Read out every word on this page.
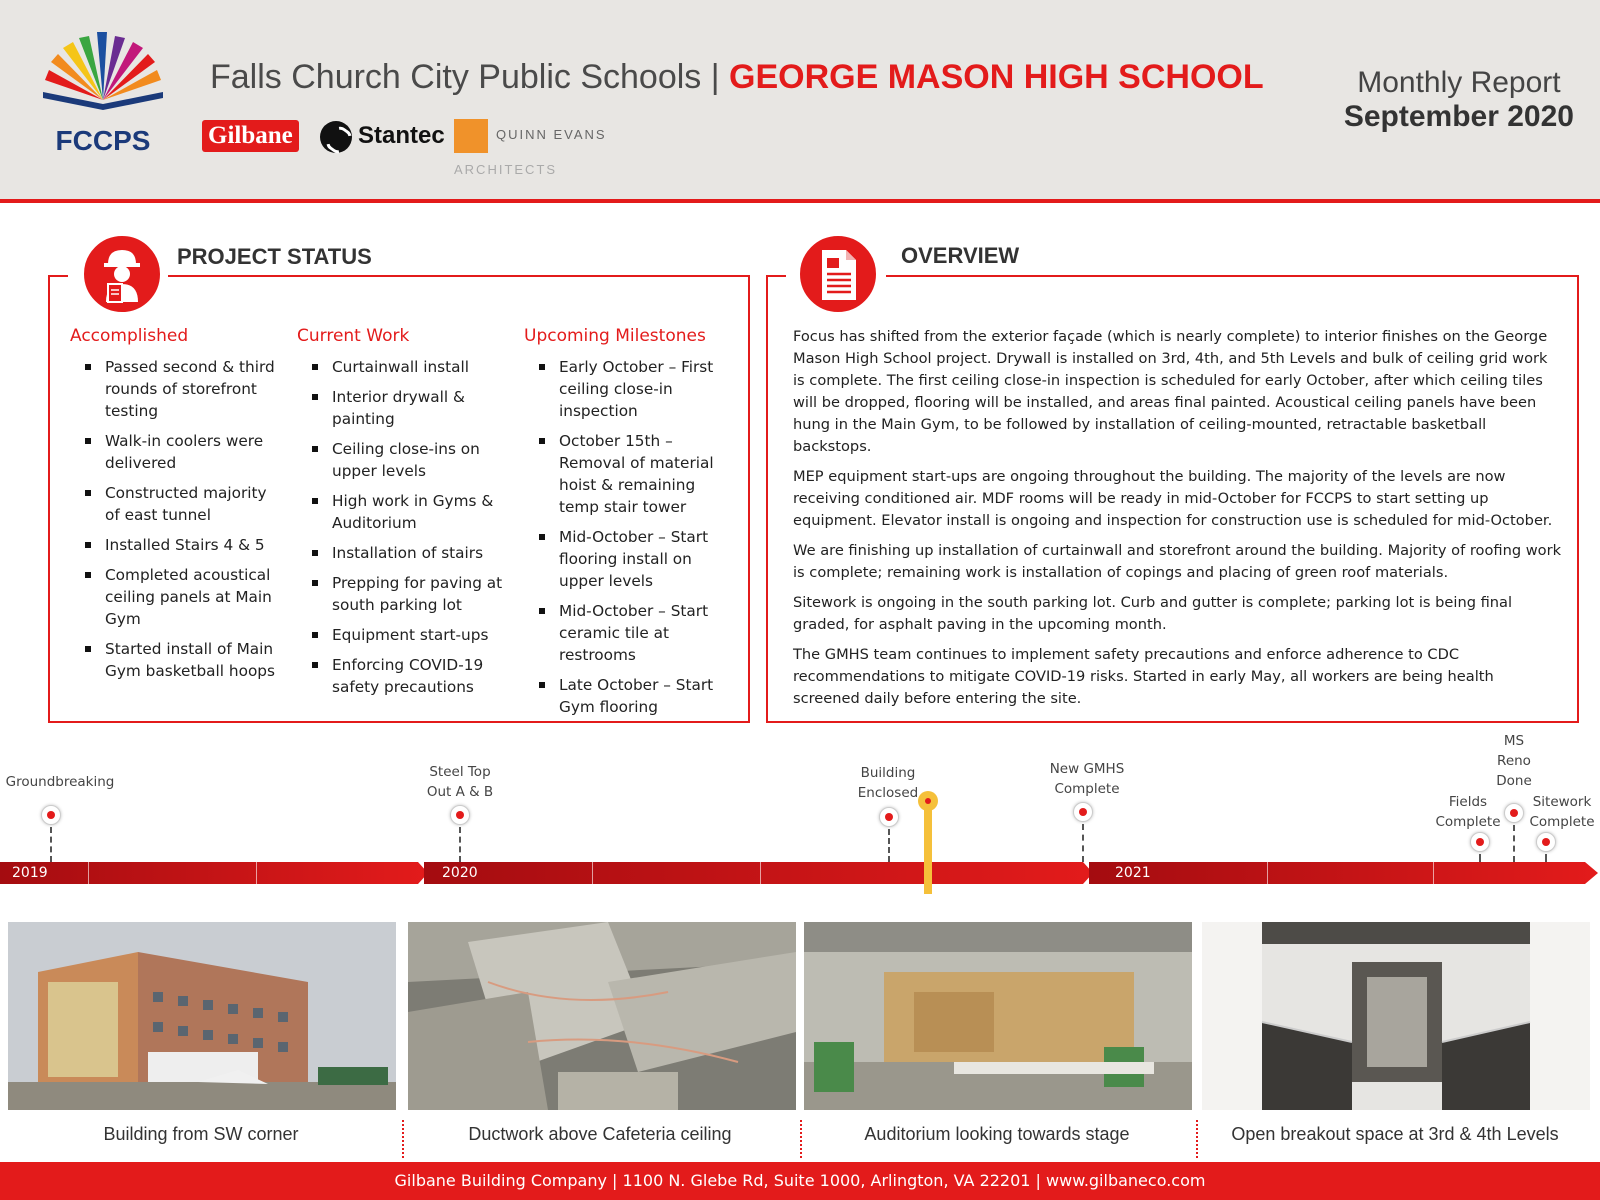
FCCPS
Falls Church City Public Schools | GEORGE MASON HIGH SCHOOL
Gilbane	Stantec	QUINN EVANS ARCHITECTS
Monthly Report
September 2020
PROJECT STATUS
Accomplished
Passed second & third rounds of storefront testing
Walk-in coolers were delivered
Constructed majority of east tunnel
Installed Stairs 4 & 5
Completed acoustical ceiling panels at Main Gym
Started install of Main Gym basketball hoops
Current Work
Curtainwall install
Interior drywall & painting
Ceiling close-ins on upper levels
High work in Gyms & Auditorium
Installation of stairs
Prepping for paving at south parking lot
Equipment start-ups
Enforcing COVID-19 safety precautions
Upcoming Milestones
Early October – First ceiling close-in inspection
October 15th – Removal of material hoist & remaining temp stair tower
Mid-October – Start flooring install on upper levels
Mid-October – Start ceramic tile at restrooms
Late October – Start Gym flooring
OVERVIEW

Focus has shifted from the exterior façade (which is nearly complete) to interior finishes on the George Mason High School project. Drywall is installed on 3rd, 4th, and 5th Levels and bulk of ceiling grid work is complete. The first ceiling close-in inspection is scheduled for early October, after which ceiling tiles will be dropped, flooring will be installed, and areas final painted. Acoustical ceiling panels have been hung in the Main Gym, to be followed by installation of ceiling-mounted, retractable basketball backstops.

MEP equipment start-ups are ongoing throughout the building. The majority of the levels are now receiving conditioned air. MDF rooms will be ready in mid-October for FCCPS to start setting up equipment. Elevator install is ongoing and inspection for construction use is scheduled for mid-October.

We are finishing up installation of curtainwall and storefront around the building. Majority of roofing work is complete; remaining work is installation of copings and placing of green roof materials.

Sitework is ongoing in the south parking lot. Curb and gutter is complete; parking lot is being final graded, for asphalt paving in the upcoming month.

The GMHS team continues to implement safety precautions and enforce adherence to CDC recommendations to mitigate COVID-19 risks. Started in early May, all workers are being health screened daily before entering the site.

2019	2020	2021
Groundbreaking
Steel Top
Out A & B
Building
Enclosed
New GMHS
Complete
Fields
Complete
MS
Reno
Done
Sitework
Complete
Building from SW corner	Ductwork above Cafeteria ceiling	Auditorium looking towards stage	Open breakout space at 3rd & 4th Levels
Gilbane Building Company | 1100 N. Glebe Rd, Suite 1000, Arlington, VA 22201 | www.gilbaneco.com
